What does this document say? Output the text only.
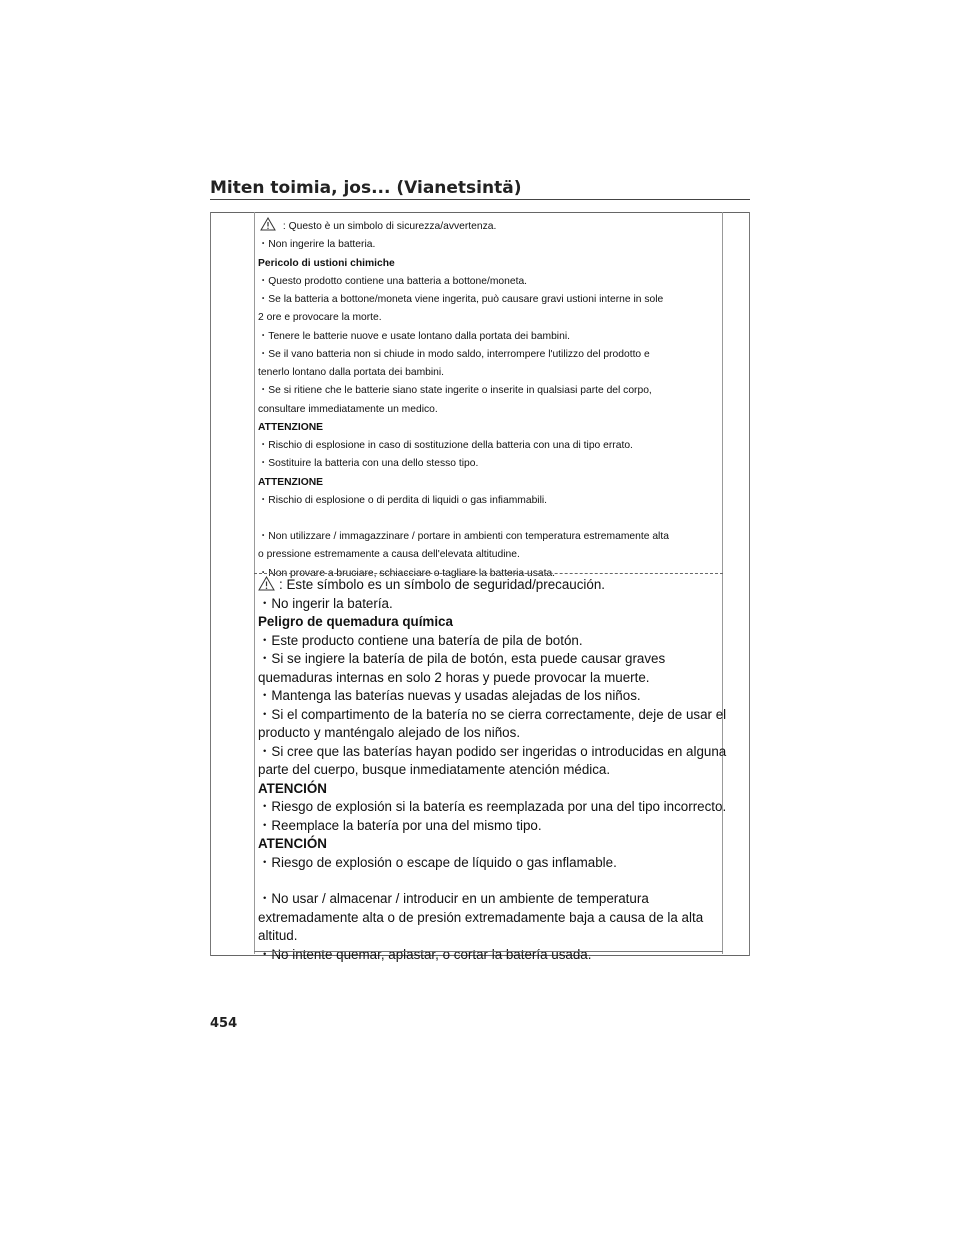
Miten toimia, jos... (Vianetsintä)
: Questo è un simbolo di sicurezza/avvertenza.
・Non ingerire la batteria.
Pericolo di ustioni chimiche
・Questo prodotto contiene una batteria a bottone/moneta.
・Se la batteria a bottone/moneta viene ingerita, può causare gravi ustioni interne in sole
2 ore e provocare la morte.
・Tenere le batterie nuove e usate lontano dalla portata dei bambini.
・Se il vano batteria non si chiude in modo saldo, interrompere l'utilizzo del prodotto e
tenerlo lontano dalla portata dei bambini.
・Se si ritiene che le batterie siano state ingerite o inserite in qualsiasi parte del corpo,
consultare immediatamente un medico.
ATTENZIONE
・Rischio di esplosione in caso di sostituzione della batteria con una di tipo errato.
・Sostituire la batteria con una dello stesso tipo.
ATTENZIONE
・Rischio di esplosione o di perdita di liquidi o gas infiammabili.
・Non utilizzare / immagazzinare / portare in ambienti con temperatura estremamente alta
o pressione estremamente a causa dell'elevata altitudine.
・Non provare a bruciare, schiacciare o tagliare la batteria usata.
: Este símbolo es un símbolo de seguridad/precaución.
・No ingerir la batería.
Peligro de quemadura química
・Este producto contiene una batería de pila de botón.
・Si se ingiere la batería de pila de botón, esta puede causar graves
quemaduras internas en solo 2 horas y puede provocar la muerte.
・Mantenga las baterías nuevas y usadas alejadas de los niños.
・Si el compartimento de la batería no se cierra correctamente, deje de usar el
producto y manténgalo alejado de los niños.
・Si cree que las baterías hayan podido ser ingeridas o introducidas en alguna
parte del cuerpo, busque inmediatamente atención médica.
ATENCIÓN
・Riesgo de explosión si la batería es reemplazada por una del tipo incorrecto.
・Reemplace la batería por una del mismo tipo.
ATENCIÓN
・Riesgo de explosión o escape de líquido o gas inflamable.
・No usar / almacenar / introducir en un ambiente de temperatura
extremadamente alta o de presión extremadamente baja a causa de la alta
altitud.
・No intente quemar, aplastar, o cortar la batería usada.
454
